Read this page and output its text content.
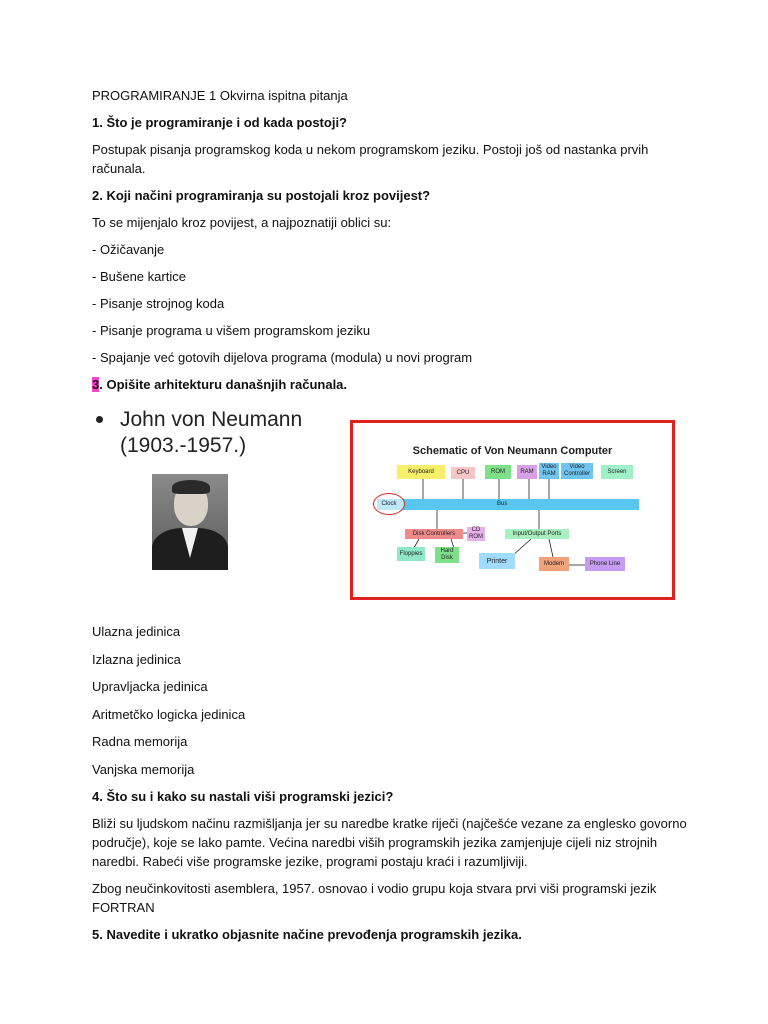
PROGRAMIRANJE 1 Okvirna ispitna pitanja

1. Što je programiranje i od kada postoji?

Postupak pisanja programskog koda u nekom programskom jeziku. Postoji još od nastanka prvih računala.

2. Koji načini programiranja su postojali kroz povijest?

To se mijenjalo kroz povijest, a najpoznatiji oblici su:

- Ožičavanje

- Bušene kartice

- Pisanje strojnog koda

- Pisanje programa u višem programskom jeziku

- Spajanje već gotovih dijelova programa (modula) u novi program

3. Opišite arhitekturu današnjih računala.

John von Neumann
(1903.-1957.)	Schematic of Von Neumann Computer
Keyboard	CPU	ROM	RAM
Video RAM
Video Controller	Screen
Bus
Clock
Disk Controllers
CD ROM
Input/Output Ports
Floppies	Hard Disk	Printer	Modem	Phone Line

Ulazna jedinica

Izlazna jedinica

Upravljacka jedinica

Aritmetčko logicka jedinica

Radna memorija

Vanjska memorija

4. Što su i kako su nastali viši programski jezici?

Bliži su ljudskom načinu razmišljanja jer su naredbe kratke riječi (najčešće vezane za englesko govorno područje), koje se lako pamte. Većina naredbi viših programskih jezika zamjenjuje cijeli niz strojnih naredbi. Rabeći više programske jezike, programi postaju kraći i razumljiviji.

Zbog neučinkovitosti asemblera, 1957. osnovao i vodio grupu koja stvara prvi viši programski jezik FORTRAN

5. Navedite i ukratko objasnite načine prevođenja programskih jezika.
